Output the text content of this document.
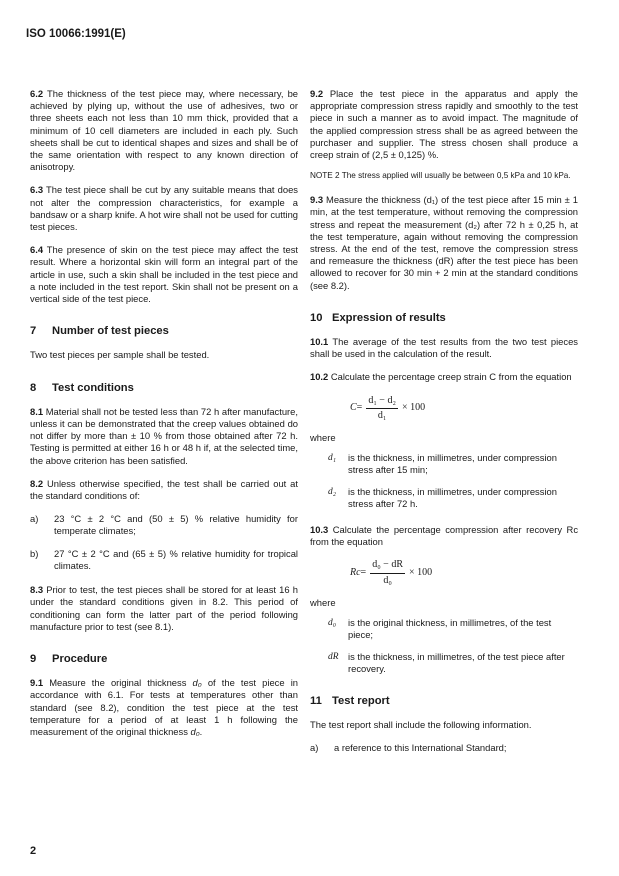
ISO 10066:1991(E)

6.2 The thickness of the test piece may, where necessary, be achieved by plying up, without the use of adhesives, two or three sheets each not less than 10 mm thick, provided that a minimum of 10 cell diameters are included in each ply. Such sheets shall be cut to identical shapes and sizes and shall be of the same orientation with respect to any known direction of anisotropy.

6.3 The test piece shall be cut by any suitable means that does not alter the compression characteristics, for example a bandsaw or a sharp knife. A hot wire shall not be used for cutting test pieces.

6.4 The presence of skin on the test piece may affect the test result. Where a horizontal skin will form an integral part of the article in use, such a skin shall be included in the test piece and a note included in the test report. Skin shall not be present on a vertical side of the test piece.

7 Number of test pieces

Two test pieces per sample shall be tested.

8 Test conditions

8.1 Material shall not be tested less than 72 h after manufacture, unless it can be demonstrated that the creep values obtained do not differ by more than ± 10 % from those obtained after 72 h. Testing is permitted at either 16 h or 48 h if, at the selected time, the above criterion has been satisfied.

8.2 Unless otherwise specified, the test shall be carried out at the standard conditions of:

a)	23 °C ± 2 °C and (50 ± 5) % relative humidity for temperate climates;
b)	27 °C ± 2 °C and (65 ± 5) % relative humidity for tropical climates.

8.3 Prior to test, the test pieces shall be stored for at least 16 h under the standard conditions given in 8.2. This period of conditioning can form the latter part of the period following manufacture prior to test (see 8.1).

9 Procedure

9.1 Measure the original thickness d₀ of the test piece in accordance with 6.1. For tests at temperatures other than standard (see 8.2), condition the test piece at the test temperature for a period of at least 1 h following the measurement of the original thickness d₀.

9.2 Place the test piece in the apparatus and apply the appropriate compression stress rapidly and smoothly to the test piece in such a manner as to avoid impact. The magnitude of the applied compression stress shall be as agreed between the purchaser and supplier. The stress chosen shall produce a creep strain of (2,5 ± 0,125) %.

NOTE 2 The stress applied will usually be between 0,5 kPa and 10 kPa.

9.3 Measure the thickness (d₁) of the test piece after 15 min ± 1 min, at the test temperature, without removing the compression stress and repeat the measurement (d₂) after 72 h ± 0,25 h, at the test temperature, again without removing the compression stress. At the end of the test, remove the compression stress and remeasure the thickness (dR) after the test piece has been allowed to recover for 30 min + 2 min at the standard conditions (see 8.2).

10 Expression of results

10.1 The average of the test results from the two test pieces shall be used in the calculation of the result.

10.2 Calculate the percentage creep strain C from the equation

$C = \frac{\text{d₁ − d₂}}{\text{d₁}} \times 100$

where

d₁	is the thickness, in millimetres, under compression stress after 15 min;
d₂	is the thickness, in millimetres, under compression stress after 72 h.

10.3 Calculate the percentage compression after recovery Rc from the equation

$Rc = \frac{\text{d₀ − dR}}{\text{d₀}} \times 100$

where

d₀	is the original thickness, in millimetres, of the test piece;
dR	is the thickness, in millimetres, of the test piece after recovery.
11 Test report

The test report shall include the following information.

a)	a reference to this International Standard;
2
